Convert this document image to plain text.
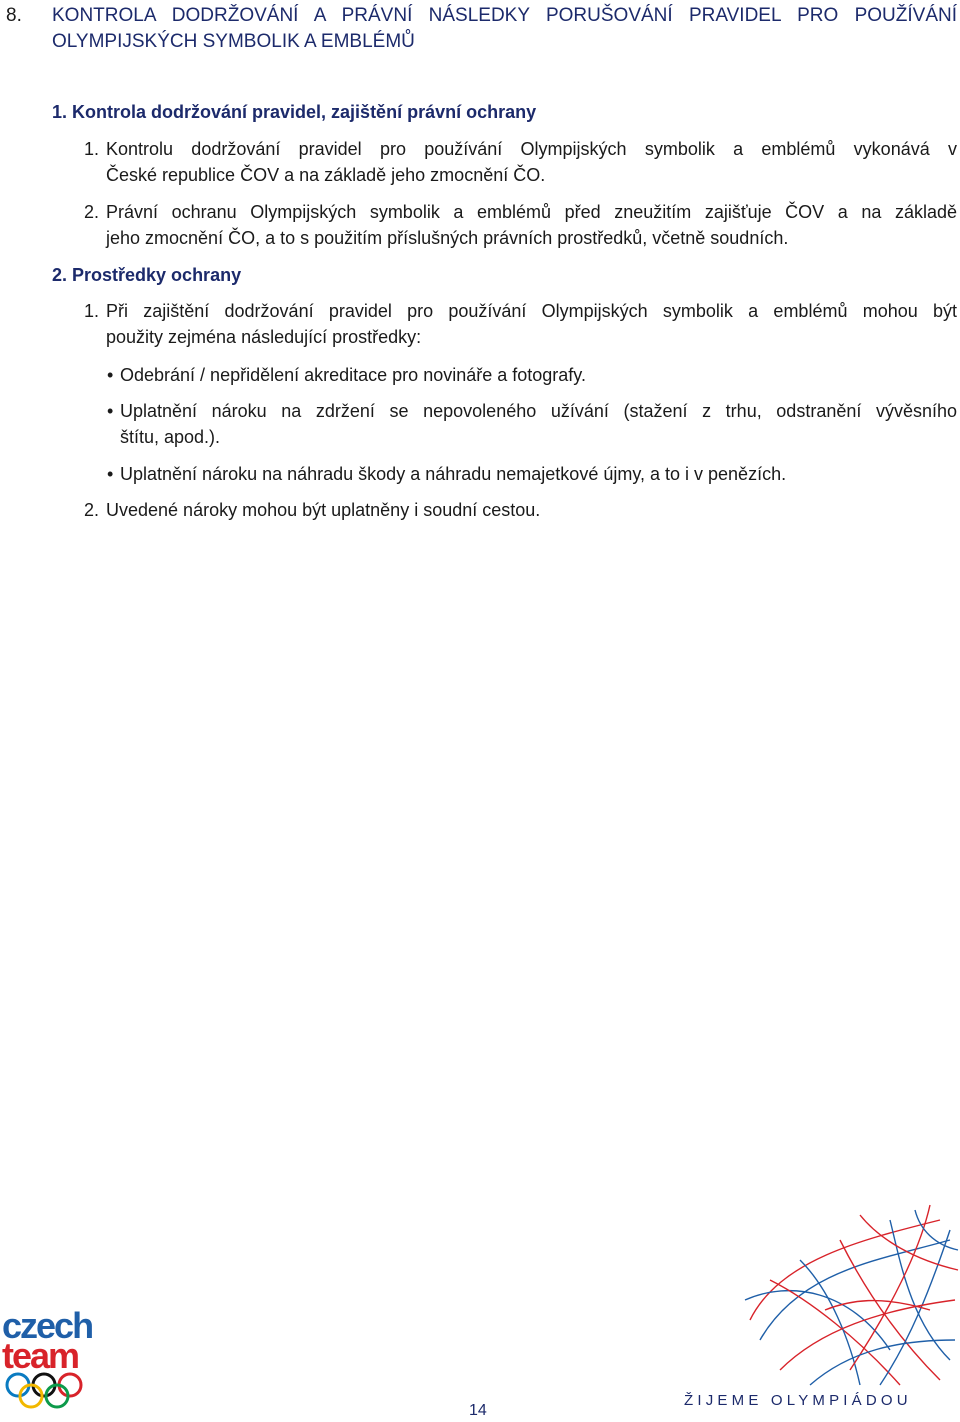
8. KONTROLA DODRŽOVÁNÍ A PRÁVNÍ NÁSLEDKY PORUŠOVÁNÍ PRAVIDEL PRO POUŽÍVÁNÍ
OLYMPIJSKÝCH SYMBOLIK A EMBLÉMŮ
1. Kontrola dodržování pravidel, zajištění právní ochrany
1. Kontrolu dodržování pravidel pro používání Olympijských symbolik a emblémů vykonává v
České republice ČOV a na základě jeho zmocnění ČO.
2. Právní ochranu Olympijských symbolik a emblémů před zneužitím zajišťuje ČOV a na základě
jeho zmocnění ČO, a to s použitím příslušných právních prostředků, včetně soudních.
2. Prostředky ochrany
1. Při zajištění dodržování pravidel pro používání Olympijských symbolik a emblémů mohou být
použity zejména následující prostředky:
• Odebrání / nepřidělení akreditace pro novináře a fotografy.
• Uplatnění nároku na zdržení se nepovoleného užívání (stažení z trhu, odstranění vývěsního
štítu, apod.).
• Uplatnění nároku na náhradu škody a náhradu nemajetkové újmy, a to i v penězích.
2. Uvedené nároky mohou být uplatněny i soudní cestou.
czech
team
14
ŽIJEME OLYMPIÁDOU
